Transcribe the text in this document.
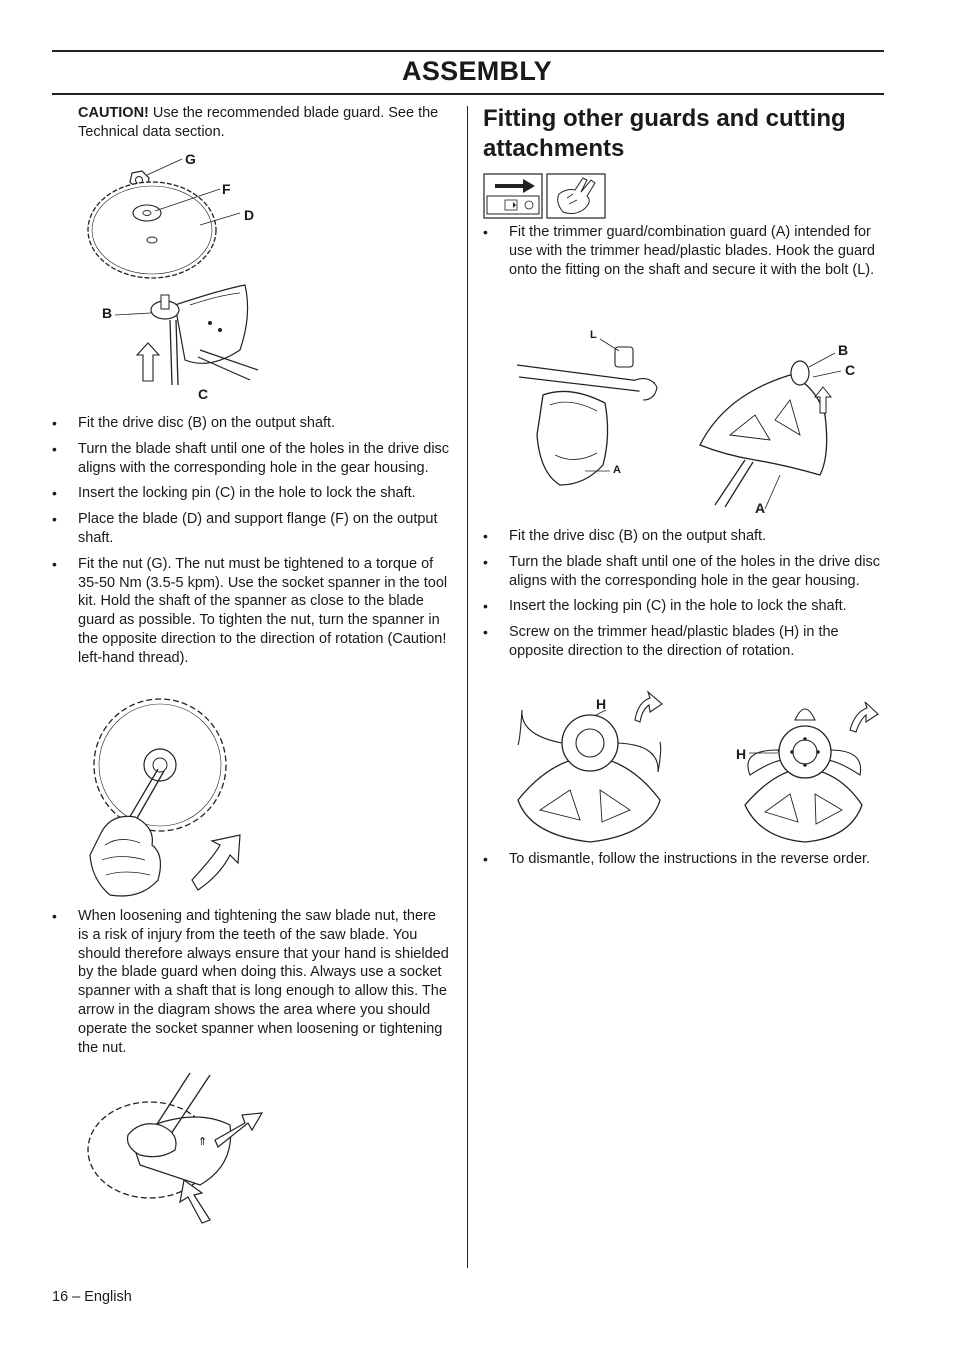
ASSEMBLY

CAUTION! Use the recommended blade guard. See the Technical data section.

G
F
D
B
C
• Fit the drive disc (B) on the output shaft.
• Turn the blade shaft until one of the holes in the drive disc aligns with the corresponding hole in the gear housing.
• Insert the locking pin (C) in the hole to lock the shaft.
• Place the blade (D) and support flange (F) on the output shaft.
• Fit the nut (G). The nut must be tightened to a torque of 35-50 Nm (3.5-5 kpm). Use the socket spanner in the tool kit. Hold the shaft of the spanner as close to the blade guard as possible. To tighten the nut, turn the spanner in the opposite direction to the direction of rotation (Caution! left-hand thread).
• When loosening and tightening the saw blade nut, there is a risk of injury from the teeth of the saw blade. You should therefore always ensure that your hand is shielded by the blade guard when doing this. Always use a socket spanner with a shaft that is long enough to allow this. The arrow in the diagram shows the area where you should operate the socket spanner when loosening or tightening the nut.
⇑
Fitting other guards and cutting attachments
• Fit the trimmer guard/combination guard (A) intended for use with the trimmer head/plastic blades. Hook the guard onto the fitting on the shaft and secure it with the bolt (L).
L
A
B
C
A
• Fit the drive disc (B) on the output shaft.
• Turn the blade shaft until one of the holes in the drive disc aligns with the corresponding hole in the gear housing.
• Insert the locking pin (C) in the hole to lock the shaft.
• Screw on the trimmer head/plastic blades (H) in the opposite direction to the direction of rotation.
H
H
• To dismantle, follow the instructions in the reverse order.
16 – English
